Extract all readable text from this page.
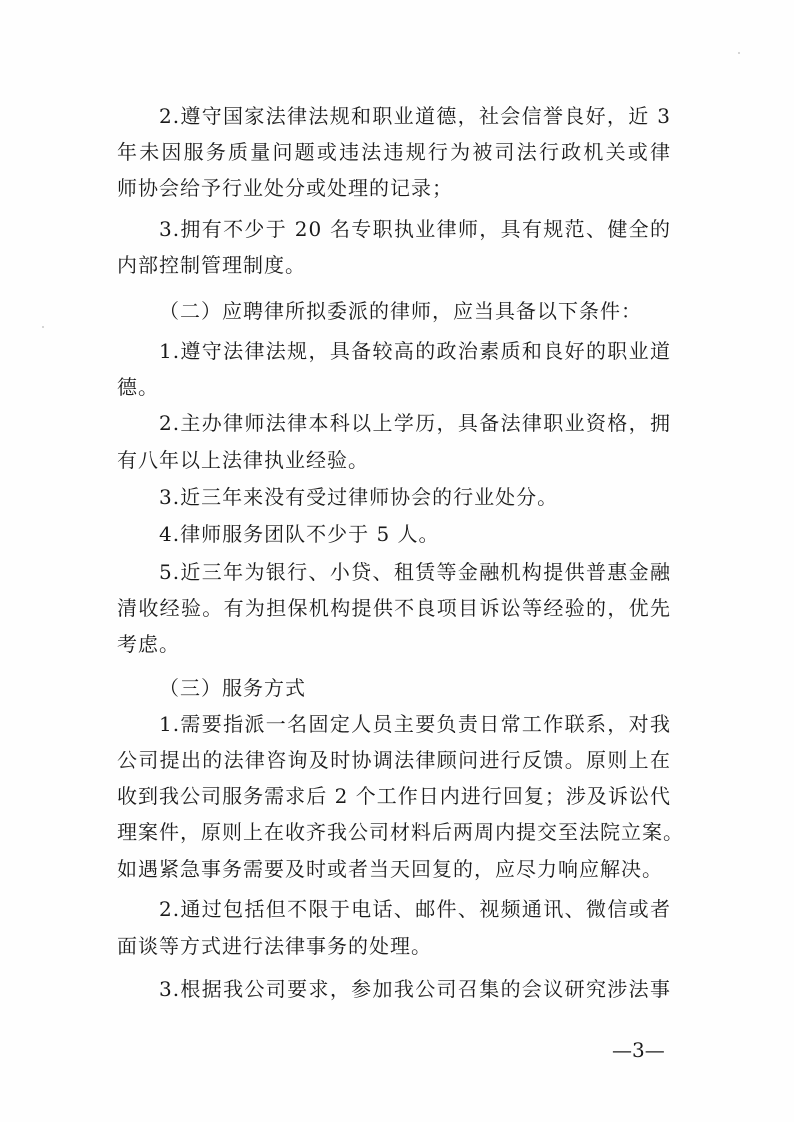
2.遵守国家法律法规和职业道德，社会信誉良好，近 3
年未因服务质量问题或违法违规行为被司法行政机关或律
师协会给予行业处分或处理的记录；
3.拥有不少于 20 名专职执业律师，具有规范、健全的
内部控制管理制度。
（二）应聘律所拟委派的律师，应当具备以下条件：
1.遵守法律法规，具备较高的政治素质和良好的职业道
德。
2.主办律师法律本科以上学历，具备法律职业资格，拥
有八年以上法律执业经验。
3.近三年来没有受过律师协会的行业处分。
4.律师服务团队不少于 5 人。
5.近三年为银行、小贷、租赁等金融机构提供普惠金融
清收经验。有为担保机构提供不良项目诉讼等经验的，优先
考虑。
（三）服务方式
1.需要指派一名固定人员主要负责日常工作联系，对我
公司提出的法律咨询及时协调法律顾问进行反馈。原则上在
收到我公司服务需求后 2 个工作日内进行回复；涉及诉讼代
理案件，原则上在收齐我公司材料后两周内提交至法院立案。
如遇紧急事务需要及时或者当天回复的，应尽力响应解决。
2.通过包括但不限于电话、邮件、视频通讯、微信或者
面谈等方式进行法律事务的处理。
3.根据我公司要求，参加我公司召集的会议研究涉法事
—3—
